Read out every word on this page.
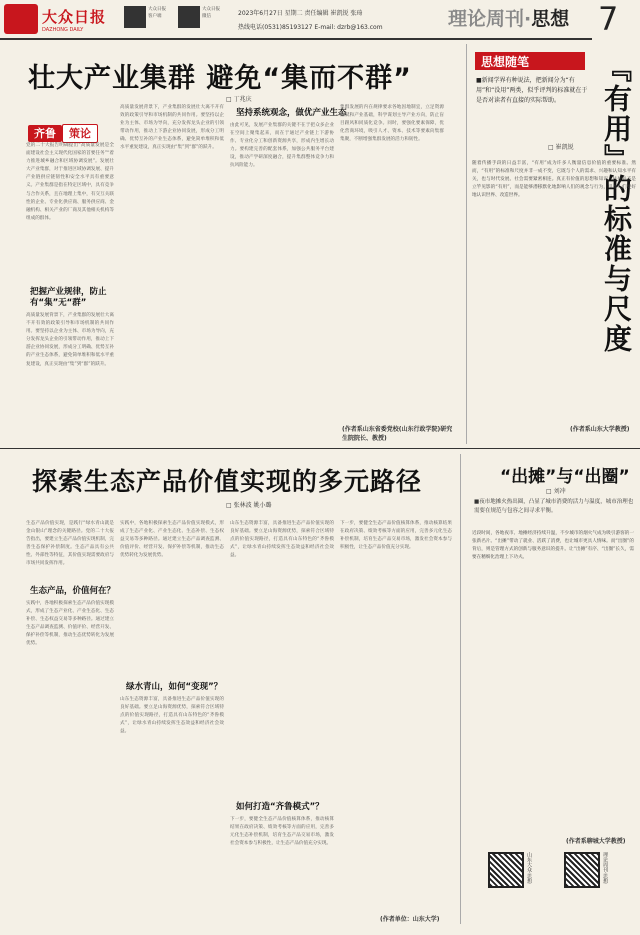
大众日报
DAZHONG DAILY
大众日报
客户端
大众日报
微信	2023年6月27日 星期二 责任编辑 崔凯锐 张琦
热线电话(0531)85193127 E-mail: dzrb@163.com	理论周刊·思想 7
壮大产业集群 避免“集而不群”
□ 丁兆庆
齐鲁 策论
党的二十大报告明确提出“高质量发展是全面建设社会主义现代化国家的首要任务”“着力推进城乡融合和区域协调发展”。发展壮大产业集群，对于推进区域协调发展、提升产业链供应链韧性和安全水平具有重要意义。产业集群是指在特定区域中，具有竞争与合作关系，且在地理上集中，有交互关联性的企业、专业化供应商、服务供应商、金融机构、相关产业的厂商及其他相关机构等组成的群体。
把握产业规律，防止有“集”无“群”
高质量发展背景下，产业集群的发展壮大离不开有效的政策引导和市场机制的共同作用。要坚持以企业为主体、市场为导向，充分发挥龙头企业的引领带动作用，推动上下游企业协同发展，形成分工明确、优势互补的产业生态体系，避免简单堆积和低水平重复建设，真正实现由“集”到“群”的跃升。
高质量发展背景下，产业集群的发展壮大离不开有效的政策引导和市场机制的共同作用。要坚持以企业为主体、市场为导向，充分发挥龙头企业的引领带动作用，推动上下游企业协同发展，形成分工明确、优势互补的产业生态体系，避免简单堆积和低水平重复建设，真正实现由“集”到“群”的跃升。
坚持系统观念，做优产业生态
由此可见，发展产业集群的关键不在于把众多企业在空间上聚集起来，而在于通过产业链上下游协作、专业化分工和创新资源共享，形成内生增长动力。要构建完善的配套体系，加强公共服务平台建设，推动产学研深度融合，提升集群整体竞争力和抗风险能力。
集群发展的内在规律要求各地因地制宜，立足资源禀赋和产业基础，科学谋划主导产业方向，防止盲目跟风和同质化竞争。同时，要强化要素保障，优化营商环境，吸引人才、资本、技术等要素向集群集聚，不断增强集群发展的活力和韧性。
(作者系山东省委党校(山东行政学院)研究生院院长、教授)
思想随笔	『有用』的标准与尺度
■新闻学界有种说法，把新闻分为“有用”和“没用”两类，似乎评判的标准就在于是否对读者有直接的实际帮助。
□ 崔凯锐
随着传播手段的日益丰富，“有用”成为许多人衡量信息价值的重要标准。然而，“有用”的标准和尺度并非一成不变，它既与个人的需求、兴趣和认知水平有关，也与时代发展、社会需要紧密相连。真正有价值的思想和知识，往往并不是立竿见影的“有用”，而是能够潜移默化地影响人们的观念与行为，引导人们更好地认识世界、改造世界。
(作者系山东大学教授)
探索生态产品价值实现的多元路径
□ 张林波 姚小璐
生态产品价值实现，是践行“绿水青山就是金山银山”理念的关键路径。党的二十大报告指出，要建立生态产品价值实现机制，完善生态保护补偿制度。生态产品具有公共性、外部性等特征，其价值实现需要政府与市场共同发挥作用。
生态产品，价值何在？
实践中，各地积极探索生态产品价值实现模式，形成了生态产业化、产业生态化、生态补偿、生态权益交易等多种路径。通过建立生态产品调查监测、价值评价、经营开发、保护补偿等机制，推动生态优势转化为发展优势。
实践中，各地积极探索生态产品价值实现模式，形成了生态产业化、产业生态化、生态补偿、生态权益交易等多种路径。通过建立生态产品调查监测、价值评价、经营开发、保护补偿等机制，推动生态优势转化为发展优势。
绿水青山，如何“变现”？
山东生态资源丰富，具备推进生态产品价值实现的良好基础。要立足山海资源优势，探索符合区域特点的价值实现路径，打造具有山东特色的“齐鲁模式”，让绿水青山持续发挥生态效益和经济社会效益。
山东生态资源丰富，具备推进生态产品价值实现的良好基础。要立足山海资源优势，探索符合区域特点的价值实现路径，打造具有山东特色的“齐鲁模式”，让绿水青山持续发挥生态效益和经济社会效益。
如何打造“齐鲁模式”？
下一步，要健全生态产品价值核算体系，推动核算结果在政府决策、绩效考核等方面的应用，完善多元化生态补偿机制，培育生态产品交易市场，激发社会资本参与积极性，让生态产品价值充分实现。
下一步，要健全生态产品价值核算体系，推动核算结果在政府决策、绩效考核等方面的应用，完善多元化生态补偿机制，培育生态产品交易市场，激发社会资本参与积极性，让生态产品价值充分实现。
(作者单位：山东大学)
“出摊”与“出圈”
□ 刘冲
■夜市地摊火热出圈，凸显了城市消费的活力与温度，城市治理也需要在规范与包容之间寻求平衡。
近段时间，各地夜市、地摊经济持续升温，不少城市的烟火气成为吸引游客的一张新名片。“出摊”带动了就业、活跃了消费，也让城市更具人情味。而“出圈”的背后，则是管理方式的创新与服务意识的提升。让“出摊”有序、“出圈”长久，需要在精细化治理上下功夫。
(作者系聊城大学教授)
山东大众·思想	理论周刊·思想
